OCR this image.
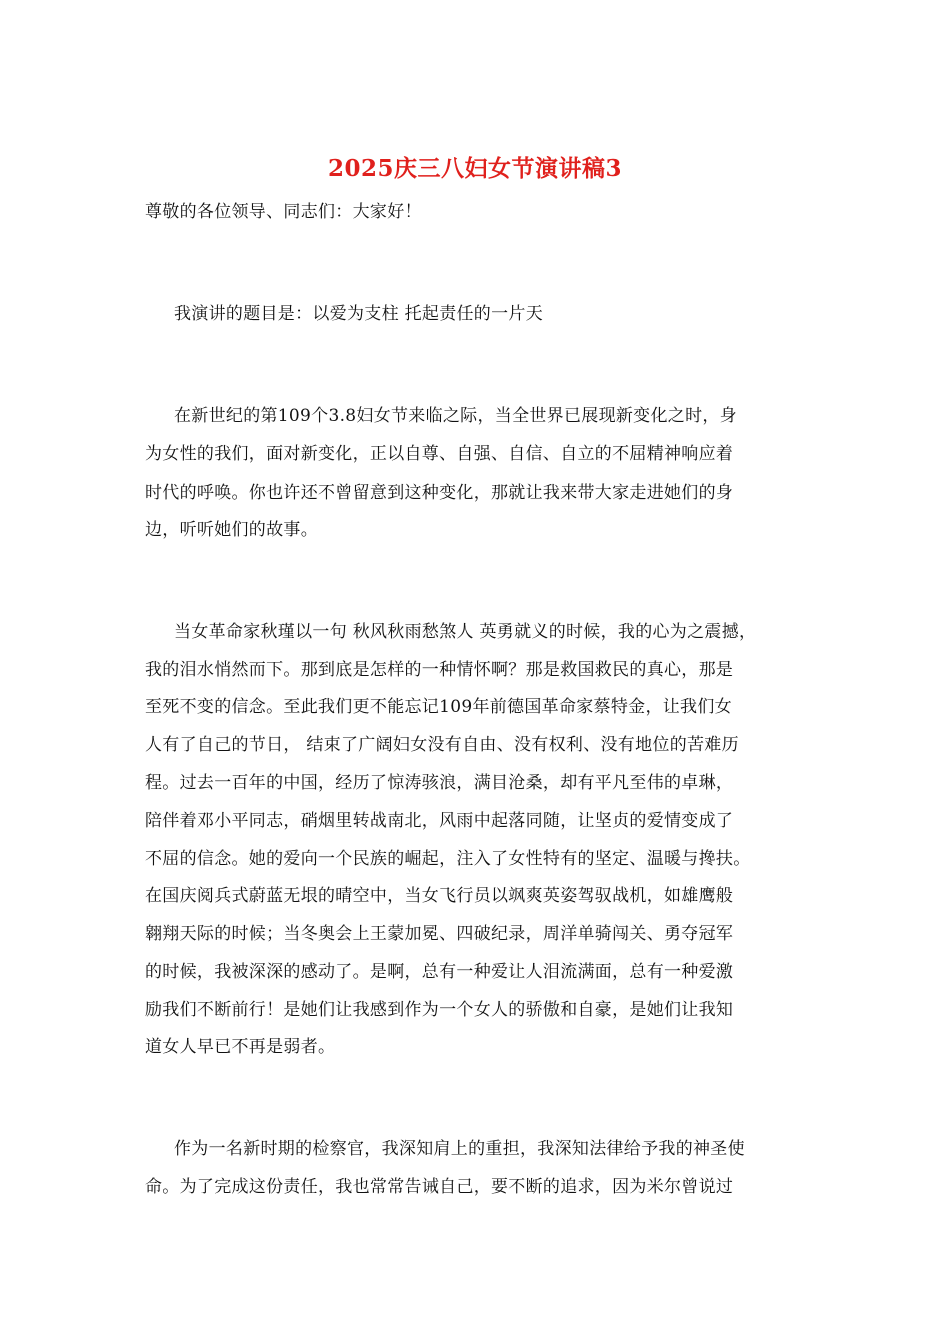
2025庆三八妇女节演讲稿3
尊敬的各位领导、同志们：大家好！
我演讲的题目是：以爱为支柱 托起责任的一片天
在新世纪的第109个3.8妇女节来临之际，当全世界已展现新变化之时，身
为女性的我们，面对新变化，正以自尊、自强、自信、自立的不屈精神响应着
时代的呼唤。你也许还不曾留意到这种变化，那就让我来带大家走进她们的身
边，听听她们的故事。
当女革命家秋瑾以一句 秋风秋雨愁煞人 英勇就义的时候，我的心为之震撼，
我的泪水悄然而下。那到底是怎样的一种情怀啊？那是救国救民的真心，那是
至死不变的信念。至此我们更不能忘记109年前德国革命家蔡特金，让我们女
人有了自己的节日， 结束了广阔妇女没有自由、没有权利、没有地位的苦难历
程。过去一百年的中国，经历了惊涛骇浪，满目沧桑，却有平凡至伟的卓琳，
陪伴着邓小平同志，硝烟里转战南北，风雨中起落同随，让坚贞的爱情变成了
不屈的信念。她的爱向一个民族的崛起，注入了女性特有的坚定、温暖与搀扶。
在国庆阅兵式蔚蓝无垠的晴空中，当女飞行员以飒爽英姿驾驭战机，如雄鹰般
翱翔天际的时候；当冬奥会上王蒙加冕、四破纪录，周洋单骑闯关、勇夺冠军
的时候，我被深深的感动了。是啊，总有一种爱让人泪流满面，总有一种爱激
励我们不断前行！是她们让我感到作为一个女人的骄傲和自豪，是她们让我知
道女人早已不再是弱者。
作为一名新时期的检察官，我深知肩上的重担，我深知法律给予我的神圣使
命。为了完成这份责任，我也常常告诫自己，要不断的追求，因为米尔曾说过
